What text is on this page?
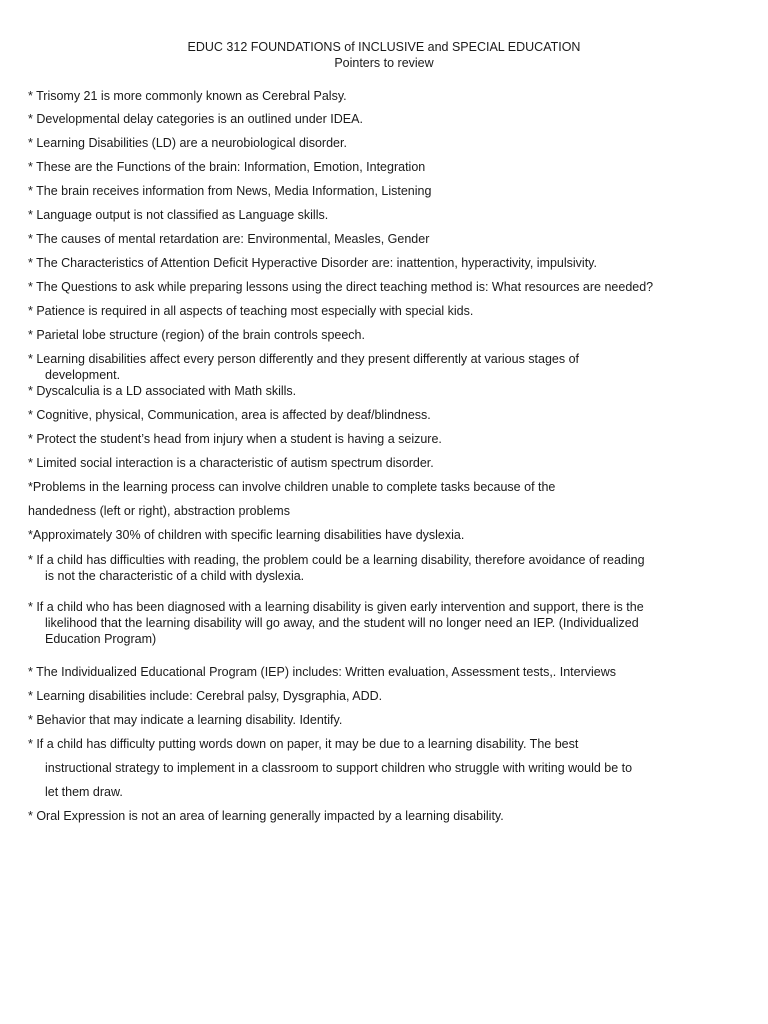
EDUC 312 FOUNDATIONS of INCLUSIVE and SPECIAL EDUCATION
Pointers to review
* Trisomy 21 is more commonly known as Cerebral Palsy.
* Developmental delay categories is an outlined under IDEA.
* Learning Disabilities (LD) are a neurobiological disorder.
* These are the Functions of the brain: Information, Emotion, Integration
* The brain receives information from News, Media Information, Listening
* Language output is not classified as Language skills.
* The causes of mental retardation are: Environmental, Measles, Gender
* The Characteristics of Attention Deficit Hyperactive Disorder are: inattention, hyperactivity, impulsivity.
* The Questions to ask while preparing lessons using the direct teaching method is: What resources are needed?
* Patience is required in all aspects of teaching most especially with special kids.
* Parietal lobe structure (region) of the brain controls speech.
* Learning disabilities affect every person differently and they present differently at various stages of
development.
* Dyscalculia is a LD associated with Math skills.
* Cognitive, physical, Communication, area is affected by deaf/blindness.
* Protect the student’s head from injury when a student is having a seizure.
* Limited social interaction is a characteristic of autism spectrum disorder.
*Problems in the learning process can involve children unable to complete tasks because of the
handedness (left or right), abstraction problems
*Approximately 30% of children with specific learning disabilities have dyslexia.
* If a child has difficulties with reading, the problem could be a learning disability, therefore avoidance of reading
is not the characteristic of a child with dyslexia.
* If a child who has been diagnosed with a learning disability is given early intervention and support, there is the
likelihood that the learning disability will go away, and the student will no longer need an IEP. (Individualized
Education Program)
* The Individualized Educational Program (IEP) includes: Written evaluation, Assessment tests,. Interviews
* Learning disabilities include: Cerebral palsy, Dysgraphia, ADD.
* Behavior that may indicate a learning disability. Identify.
* If a child has difficulty putting words down on paper, it may be due to a learning disability. The best
instructional strategy to implement in a classroom to support children who struggle with writing would be to
let them draw.
* Oral Expression is not an area of learning generally impacted by a learning disability.
